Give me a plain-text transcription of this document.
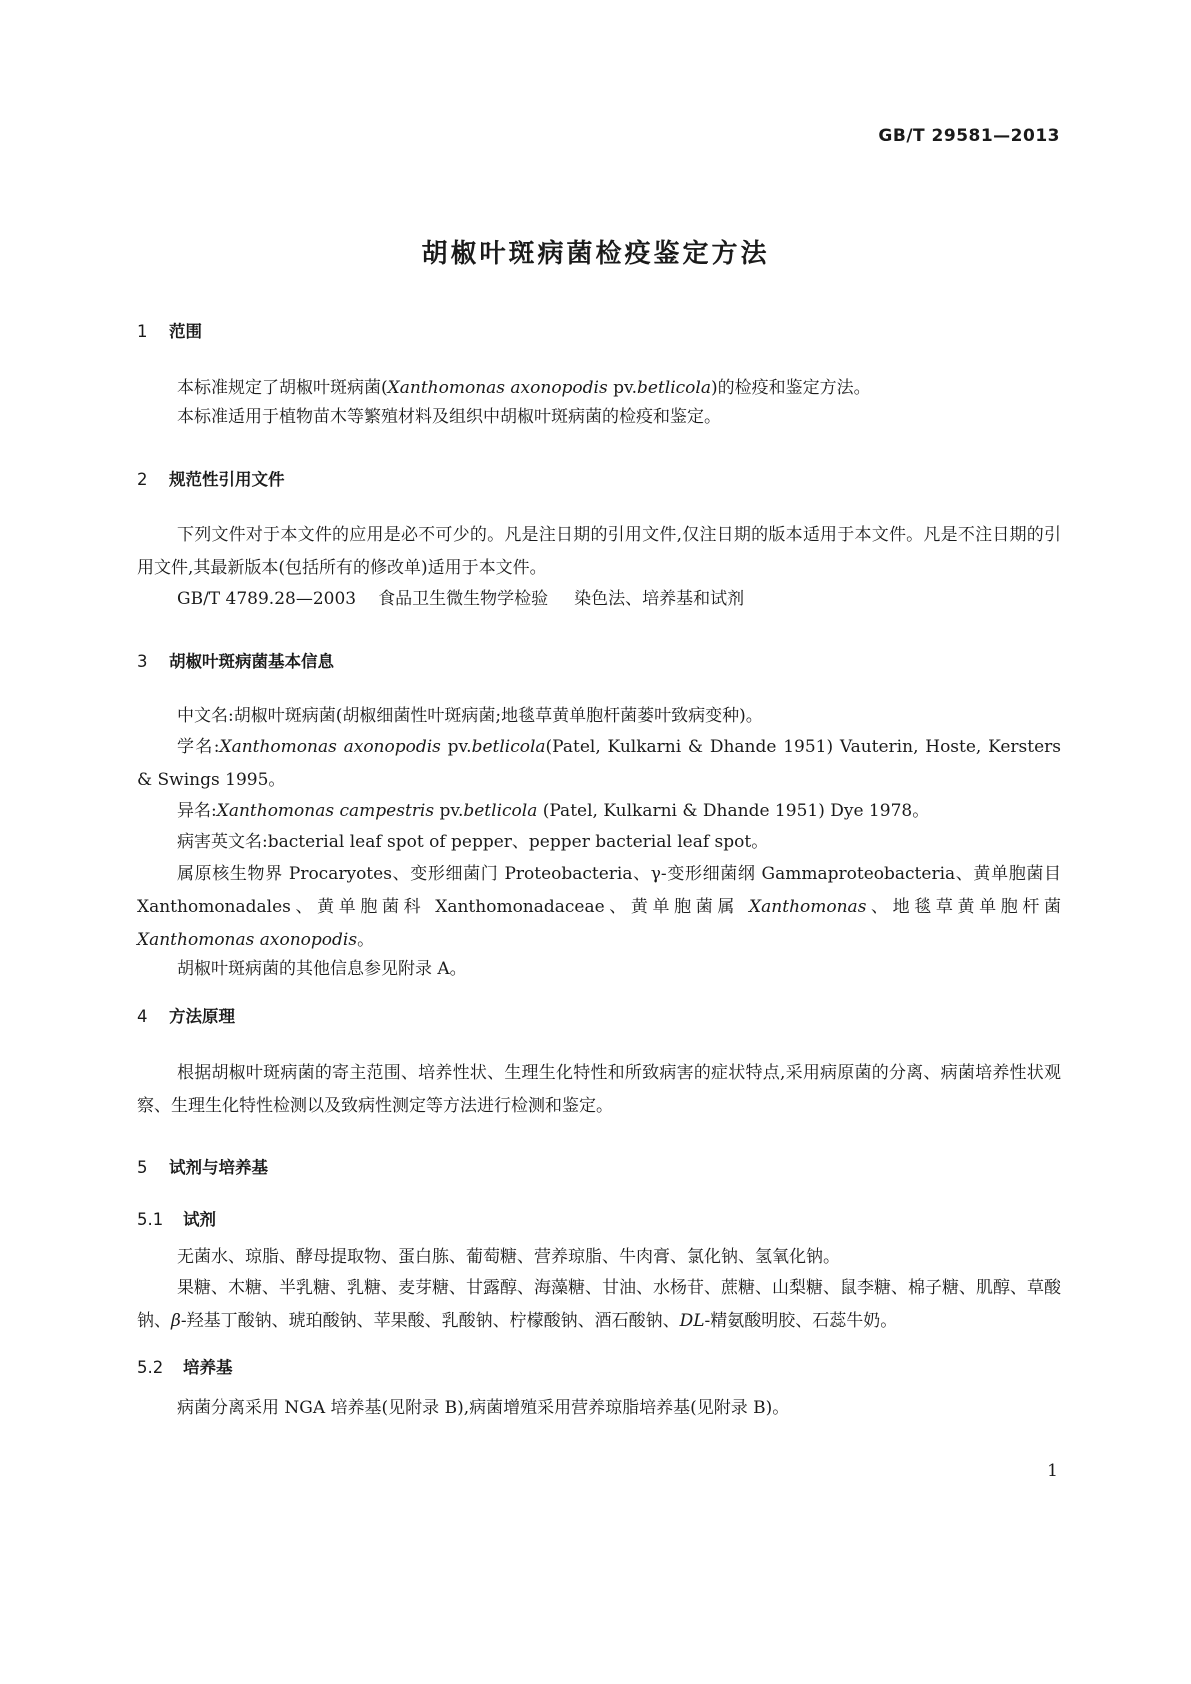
GB/T 29581—2013
胡椒叶斑病菌检疫鉴定方法
1 范围
本标准规定了胡椒叶斑病菌(Xanthomonas axonopodis pv.betlicola)的检疫和鉴定方法。
本标准适用于植物苗木等繁殖材料及组织中胡椒叶斑病菌的检疫和鉴定。
2 规范性引用文件
下列文件对于本文件的应用是必不可少的。凡是注日期的引用文件,仅注日期的版本适用于本文件。凡是不注日期的引用文件,其最新版本(包括所有的修改单)适用于本文件。
GB/T 4789.28—2003 食品卫生微生物学检验 染色法、培养基和试剂
3 胡椒叶斑病菌基本信息
中文名:胡椒叶斑病菌(胡椒细菌性叶斑病菌;地毯草黄单胞杆菌蒌叶致病变种)。
学名:Xanthomonas axonopodis pv.betlicola(Patel, Kulkarni & Dhande 1951) Vauterin, Hoste, Kersters & Swings 1995。
异名:Xanthomonas campestris pv.betlicola (Patel, Kulkarni & Dhande 1951) Dye 1978。
病害英文名:bacterial leaf spot of pepper、pepper bacterial leaf spot。
属原核生物界 Procaryotes、变形细菌门 Proteobacteria、γ-变形细菌纲 Gammaproteobacteria、黄单胞菌目 Xanthomonadales、黄单胞菌科 Xanthomonadaceae、黄单胞菌属 Xanthomonas、地毯草黄单胞杆菌 Xanthomonas axonopodis。
胡椒叶斑病菌的其他信息参见附录 A。
4 方法原理
根据胡椒叶斑病菌的寄主范围、培养性状、生理生化特性和所致病害的症状特点,采用病原菌的分离、病菌培养性状观察、生理生化特性检测以及致病性测定等方法进行检测和鉴定。
5 试剂与培养基
5.1 试剂
无菌水、琼脂、酵母提取物、蛋白胨、葡萄糖、营养琼脂、牛肉膏、氯化钠、氢氧化钠。
果糖、木糖、半乳糖、乳糖、麦芽糖、甘露醇、海藻糖、甘油、水杨苷、蔗糖、山梨糖、鼠李糖、棉子糖、肌醇、草酸钠、β-羟基丁酸钠、琥珀酸钠、苹果酸、乳酸钠、柠檬酸钠、酒石酸钠、DL-精氨酸明胶、石蕊牛奶。
5.2 培养基
病菌分离采用 NGA 培养基(见附录 B),病菌增殖采用营养琼脂培养基(见附录 B)。
1
